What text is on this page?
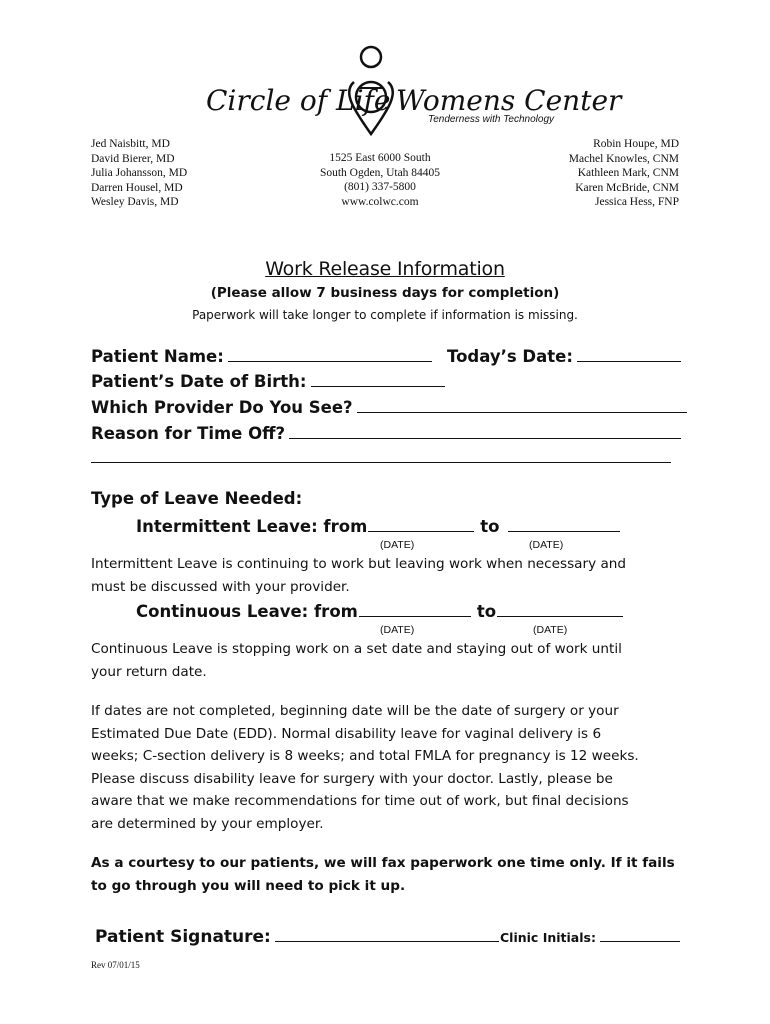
Circle of Life Womens Center
Tenderness with Technology
Jed Naisbitt, MD
David Bierer, MD
Julia Johansson, MD
Darren Housel, MD
Wesley Davis, MD
1525 East 6000 South
South Ogden, Utah 84405
(801) 337-5800
www.colwc.com
Robin Houpe, MD
Machel Knowles, CNM
Kathleen Mark, CNM
Karen McBride, CNM
Jessica Hess, FNP
Work Release Information
(Please allow 7 business days for completion)
Paperwork will take longer to complete if information is missing.
Patient Name:	Today’s Date:
Patient’s Date of Birth:
Which Provider Do You See?
Reason for Time Off?
Type of Leave Needed:
Intermittent Leave: from	to
(DATE)	(DATE)
Intermittent Leave is continuing to work but leaving work when necessary and
must be discussed with your provider.
Continuous Leave: from	to
(DATE)	(DATE)
Continuous Leave is stopping work on a set date and staying out of work until
your return date.
If dates are not completed, beginning date will be the date of surgery or your
Estimated Due Date (EDD). Normal disability leave for vaginal delivery is 6
weeks; C-section delivery is 8 weeks; and total FMLA for pregnancy is 12 weeks.
Please discuss disability leave for surgery with your doctor. Lastly, please be
aware that we make recommendations for time out of work, but final decisions
are determined by your employer.
As a courtesy to our patients, we will fax paperwork one time only. If it fails
to go through you will need to pick it up.
Patient Signature:	Clinic Initials:
Rev 07/01/15
